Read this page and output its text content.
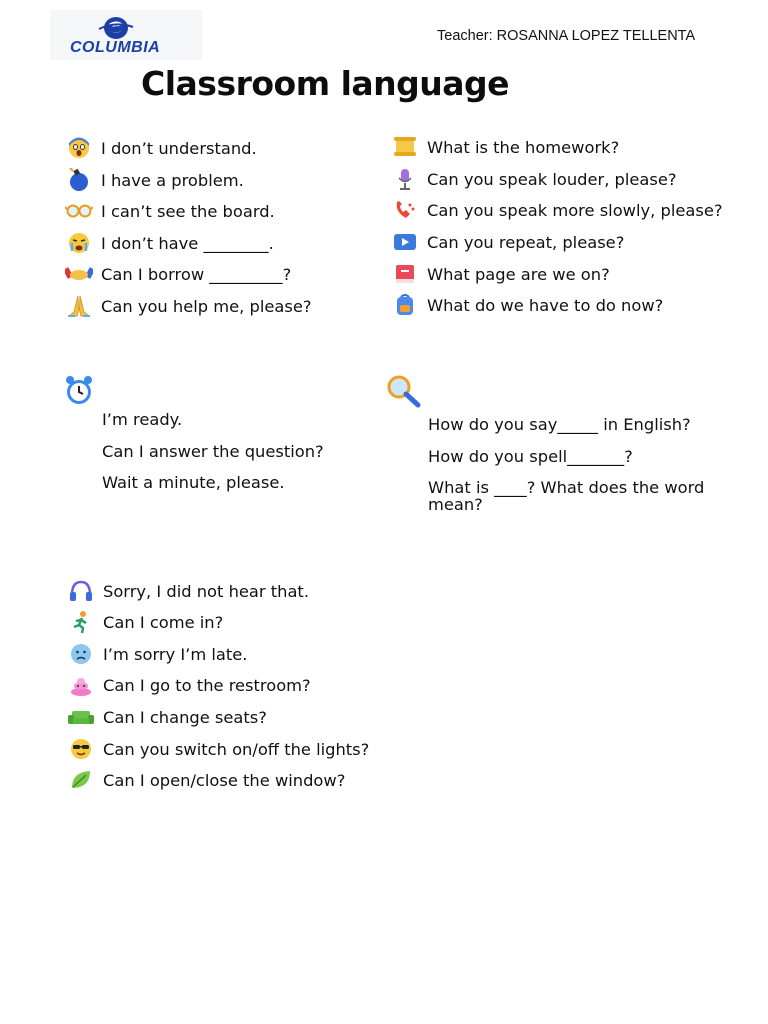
COLUMBIA
Teacher: ROSANNA LOPEZ TELLENTA
Classroom language
I don’t understand.
I have a problem.
I can’t see the board.
I don’t have ________.
Can I borrow _________?
Can you help me, please?
What is the homework?
Can you speak louder, please?
Can you speak more slowly, please?
Can you repeat, please?
What page are we on?
What do we have to do now?
I’m ready.
Can I answer the question?
Wait a minute, please.
How do you say_____ in English?
How do you spell_______?
What is ____? What does the word mean?
Sorry, I did not hear that.
Can I come in?
I’m sorry I’m late.
Can I go to the restroom?
Can I change seats?
Can you switch on/off the lights?
Can I open/close the window?
